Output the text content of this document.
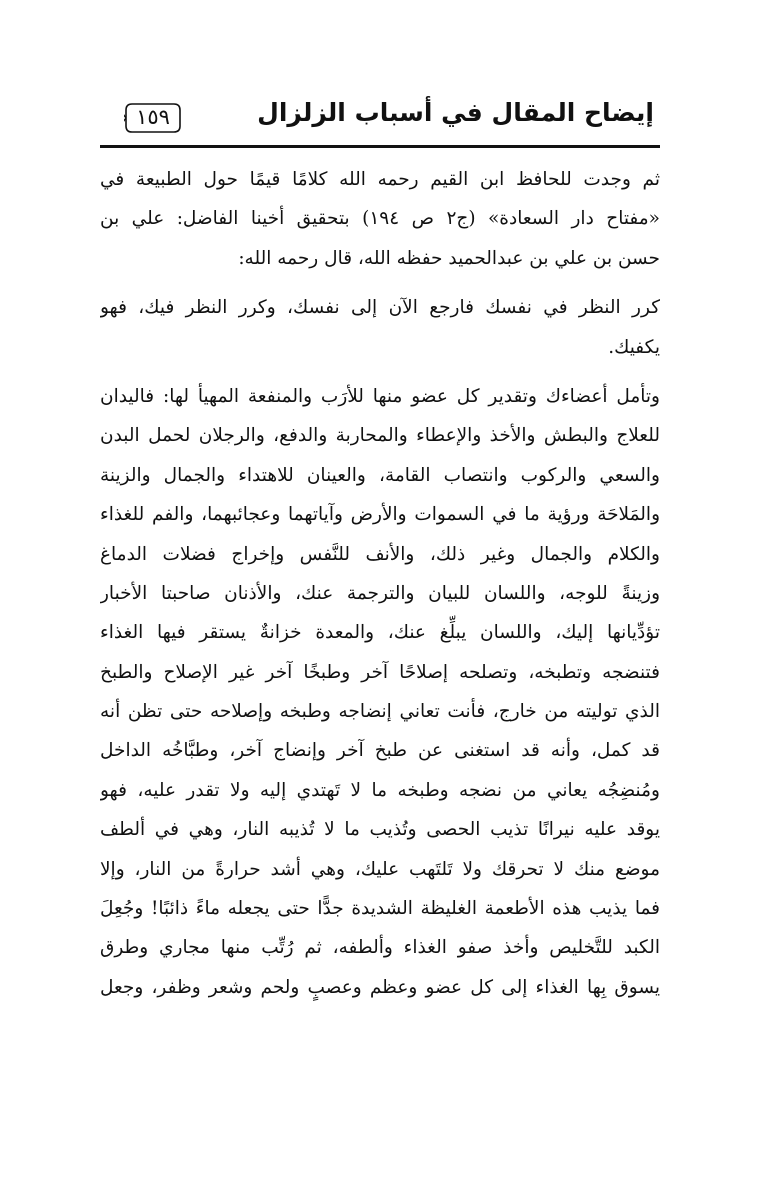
إيضاح المقال في أسباب الزلزال
١٥٩
ثم وجدت للحافظ ابن القيم رحمه الله كلامًا قيمًا حول الطبيعة في
«مفتاح دار السعادة» (ج٢ ص ١٩٤) بتحقيق أخينا الفاضل: علي بن
حسن بن علي بن عبدالحميد حفظه الله، قال رحمه الله:
كرر النظر في نفسك فارجع الآن إلى نفسك، وكرر النظر فيك، فهو
يكفيك.
وتأمل أعضاءك وتقدير كل عضو منها للأرَب والمنفعة المهيأ لها: فاليدان
للعلاج والبطش والأخذ والإعطاء والمحاربة والدفع، والرجلان لحمل البدن
والسعي والركوب وانتصاب القامة، والعينان للاهتداء والجمال والزينة
والمَلاحَة ورؤية ما في السموات والأرض وآياتهما وعجائبهما، والفم للغذاء
والكلام والجمال وغير ذلك، والأنف للنَّفس وإخراج فضلات الدماغ
وزينةً للوجه، واللسان للبيان والترجمة عنك، والأذنان صاحبتا الأخبار
تؤدِّيانها إليك، واللسان يبلِّغ عنك، والمعدة خزانةٌ يستقر فيها الغذاء
فتنضجه وتطبخه، وتصلحه إصلاحًا آخر وطبخًا آخر غير الإصلاح والطبخ
الذي توليته من خارج، فأنت تعاني إنضاجه وطبخه وإصلاحه حتى تظن أنه
قد كمل، وأنه قد استغنى عن طبخ آخر وإنضاج آخر، وطبَّاخُه الداخل
ومُنضِجُه يعاني من نضجه وطبخه ما لا تَهتدي إليه ولا تقدر عليه، فهو
يوقد عليه نيرانًا تذيب الحصى وتُذيب ما لا تُذيبه النار، وهي في ألطف
موضع منك لا تحرقك ولا تَلتَهب عليك، وهي أشد حرارةً من النار، وإلا
فما يذيب هذه الأطعمة الغليظة الشديدة جدًّا حتى يجعله ماءً ذائبًا! وجُعِلَ
الكبد للتَّخليص وأخذ صفو الغذاء وألطفه، ثم رُتِّب منها مجاري وطرق
يسوق بِها الغذاء إلى كل عضو وعظم وعصبٍ ولحم وشعر وظفر، وجعل
